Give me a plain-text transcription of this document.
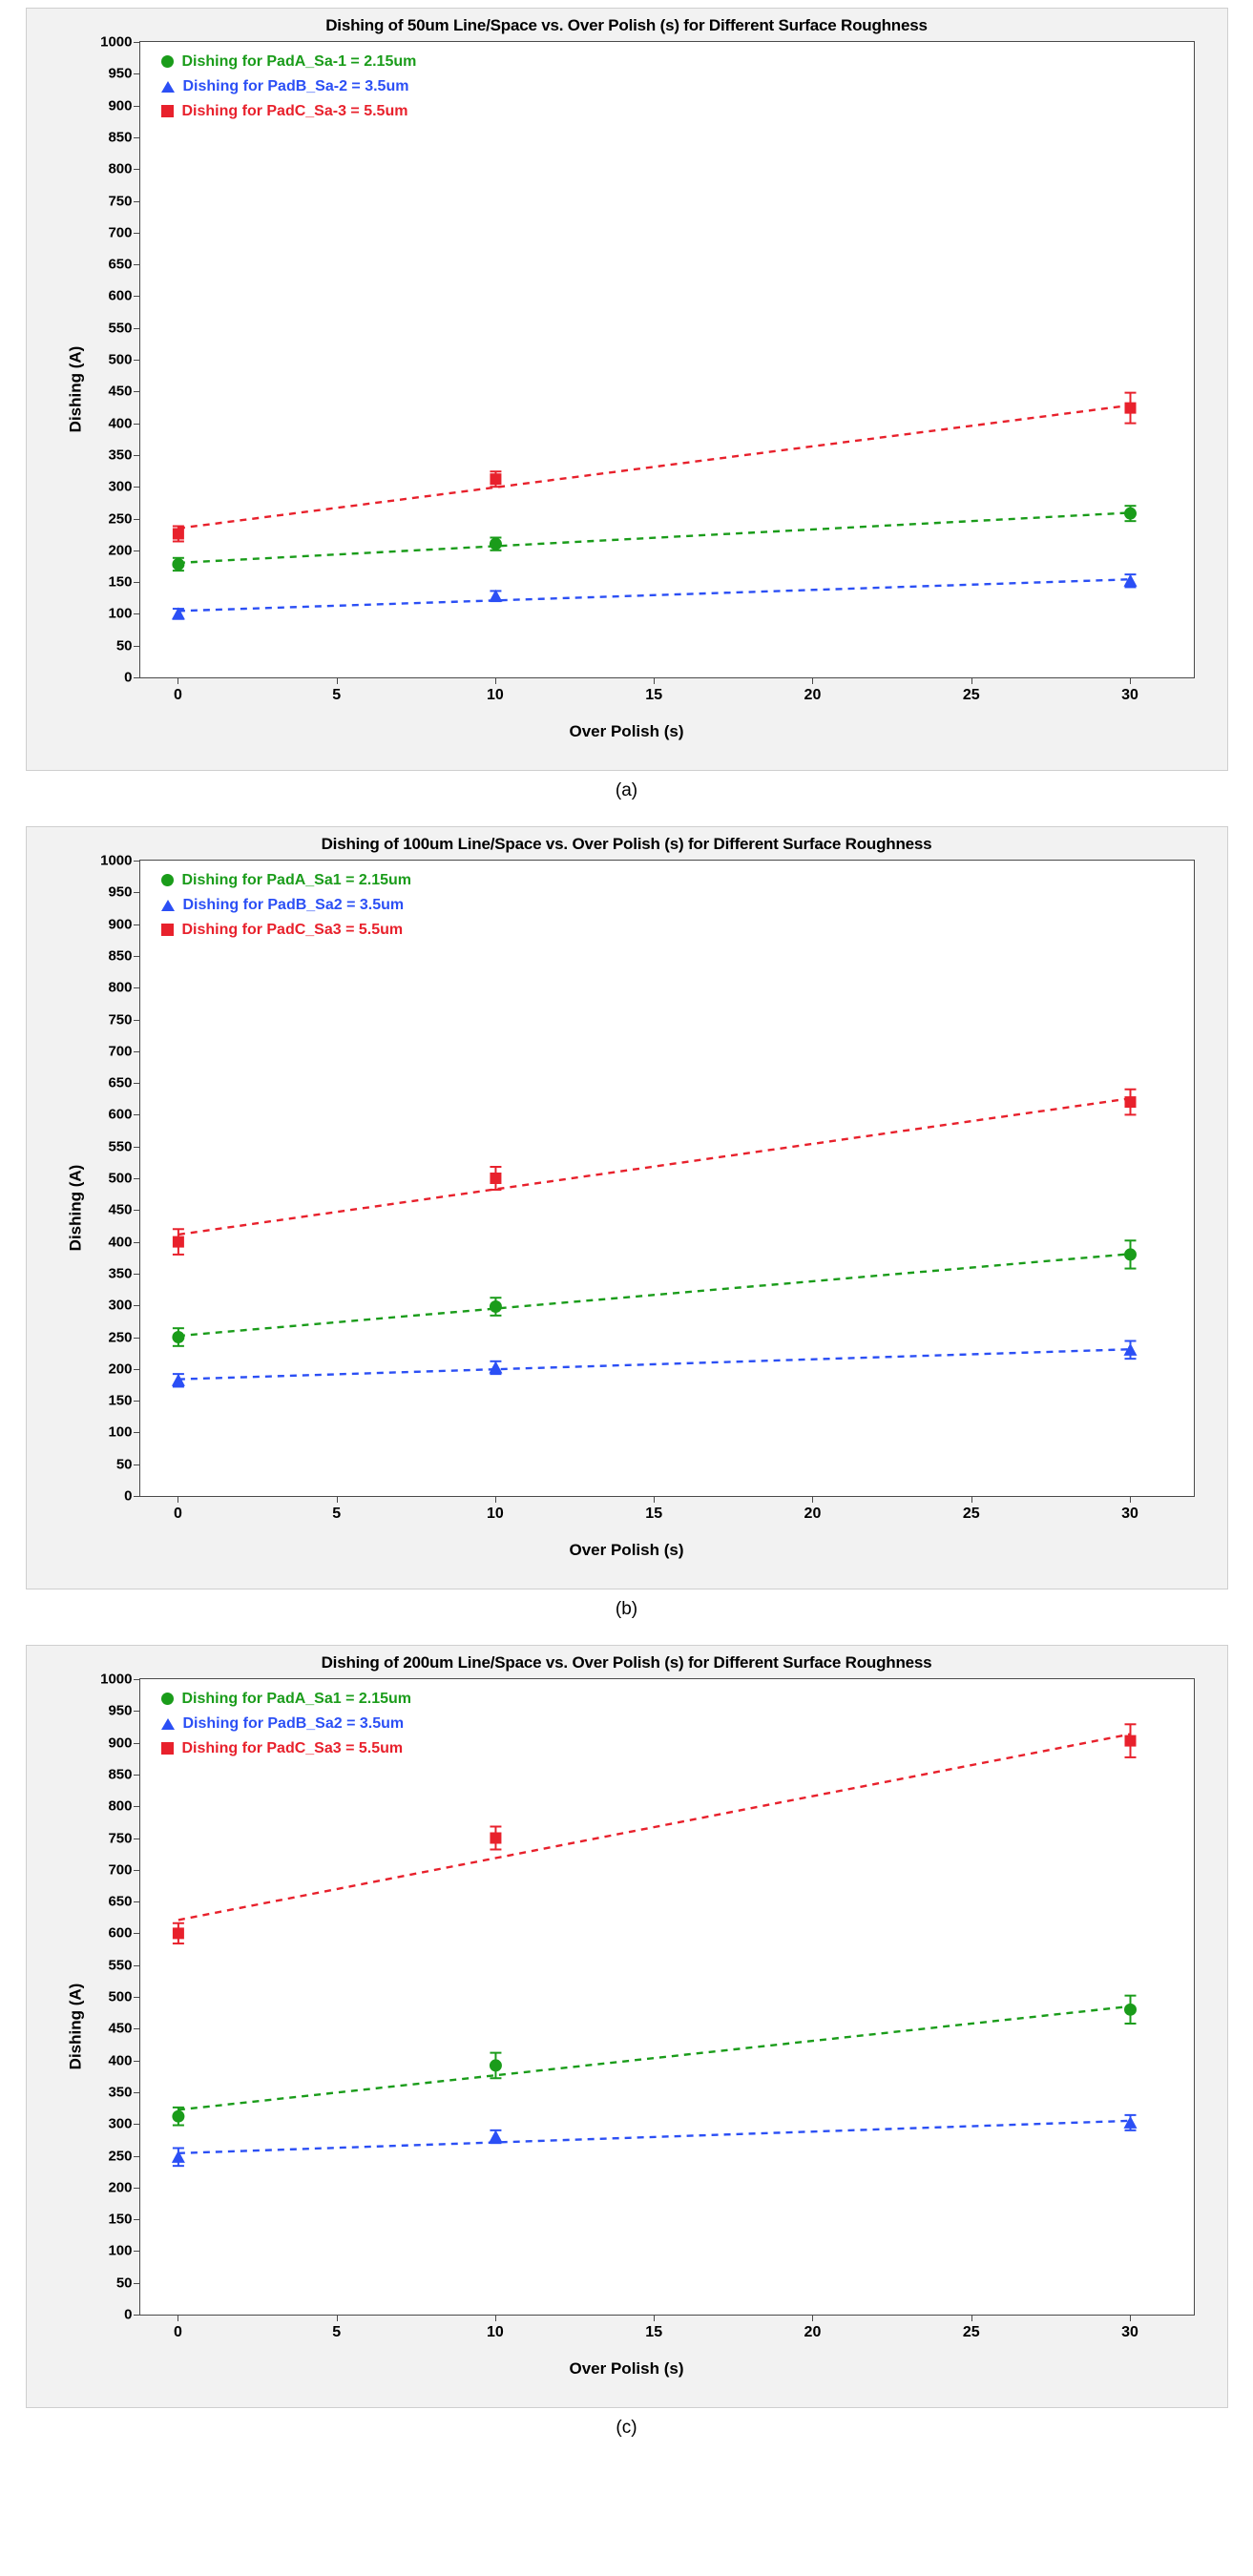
Dishing of 50um Line/Space vs. Over Polish (s) for Different Surface Roughness
Dishing (A)
Over Polish (s)
Dishing for PadA_Sa-1 = 2.15um
Dishing for PadB_Sa-2 = 3.5um
Dishing for PadC_Sa-3 = 5.5um
0
50
100
150
200
250
300
350
400
450
500
550
600
650
700
750
800
850
900
950
1000
0	5	10	15	20	25	30
(a)
Dishing of 100um Line/Space vs. Over Polish (s) for Different Surface Roughness
Dishing (A)
Over Polish (s)
Dishing for PadA_Sa1 = 2.15um
Dishing for PadB_Sa2 = 3.5um
Dishing for PadC_Sa3 = 5.5um
0
50
100
150
200
250
300
350
400
450
500
550
600
650
700
750
800
850
900
950
1000
0	5	10	15	20	25	30
(b)
Dishing of 200um Line/Space vs. Over Polish (s) for Different Surface Roughness
Dishing (A)
Over Polish (s)
Dishing for PadA_Sa1 = 2.15um
Dishing for PadB_Sa2 = 3.5um
Dishing for PadC_Sa3 = 5.5um
0
50
100
150
200
250
300
350
400
450
500
550
600
650
700
750
800
850
900
950
1000
0	5	10	15	20	25	30
(c)
